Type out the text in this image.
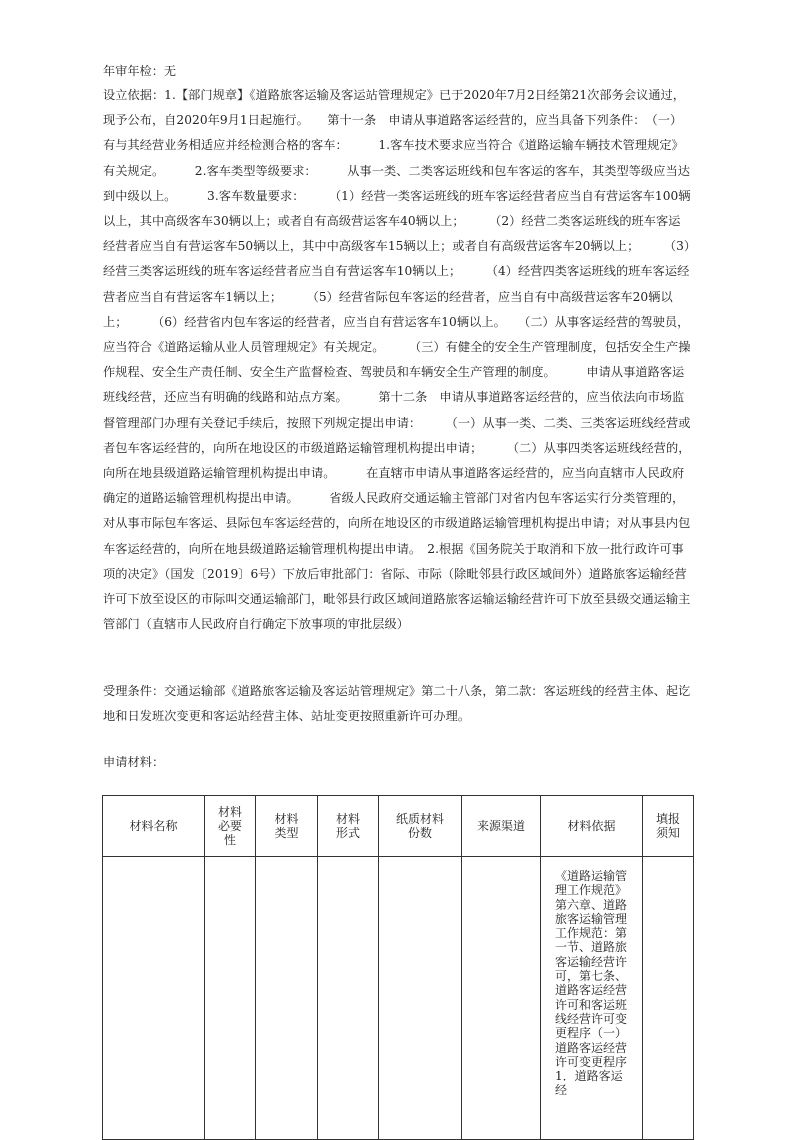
年审年检：无
设立依据：1.【部门规章】《道路旅客运输及客运站管理规定》已于2020年7月2日经第21次部务会议通过，现予公布，自2020年9月1日起施行。　　第十一条　申请从事道路客运经营的，应当具备下列条件：　（一）有与其经营业务相适应并经检测合格的客车：　　　1.客车技术要求应当符合《道路运输车辆技术管理规定》有关规定。　　　2.客车类型等级要求：　　　从事一类、二类客运班线和包车客运的客车，其类型等级应当达到中级以上。　　　3.客车数量要求：　　　（1）经营一类客运班线的班车客运经营者应当自有营运客车100辆以上，其中高级客车30辆以上；或者自有高级营运客车40辆以上；　　　（2）经营二类客运班线的班车客运经营者应当自有营运客车50辆以上，其中中高级客车15辆以上；或者自有高级营运客车20辆以上；　　　（3）经营三类客运班线的班车客运经营者应当自有营运客车10辆以上；　　　（4）经营四类客运班线的班车客运经营者应当自有营运客车1辆以上；　　　（5）经营省际包车客运的经营者，应当自有中高级营运客车20辆以上；　　　（6）经营省内包车客运的经营者，应当自有营运客车10辆以上。　　（二）从事客运经营的驾驶员，应当符合《道路运输从业人员管理规定》有关规定。　　　（三）有健全的安全生产管理制度，包括安全生产操作规程、安全生产责任制、安全生产监督检查、驾驶员和车辆安全生产管理的制度。　　　申请从事道路客运班线经营，还应当有明确的线路和站点方案。　　　第十二条　申请从事道路客运经营的，应当依法向市场监督管理部门办理有关登记手续后，按照下列规定提出申请：　　　（一）从事一类、二类、三类客运班线经营或者包车客运经营的，向所在地设区的市级道路运输管理机构提出申请；　　　（二）从事四类客运班线经营的，向所在地县级道路运输管理机构提出申请。　　　在直辖市申请从事道路客运经营的，应当向直辖市人民政府确定的道路运输管理机构提出申请。　　　省级人民政府交通运输主管部门对省内包车客运实行分类管理的，对从事市际包车客运、县际包车客运经营的，向所在地设区的市级道路运输管理机构提出申请；对从事县内包车客运经营的，向所在地县级道路运输管理机构提出申请。　2.根据《国务院关于取消和下放一批行政许可事项的决定》（国发〔2019〕6号）下放后审批部门：省际、市际（除毗邻县行政区域间外）道路旅客运输经营许可下放至设区的市际叫交通运输部门，毗邻县行政区域间道路旅客运输运输经营许可下放至县级交通运输主管部门（直辖市人民政府自行确定下放事项的审批层级）
受理条件：交通运输部《道路旅客运输及客运站管理规定》第二十八条，第二款：客运班线的经营主体、起讫地和日发班次变更和客运站经营主体、站址变更按照重新许可办理。
申请材料：
材料名称	材料必要性	材料类型	材料形式	纸质材料份数	来源渠道	材料依据	填报须知
						《道路运输管理工作规范》第六章、道路旅客运输管理工作规范：第一节、道路旅客运输经营许可，第七条、道路客运经营许可和客运班线经营许可变更程序（一）道路客运经营许可变更程序1．道路客运经	
